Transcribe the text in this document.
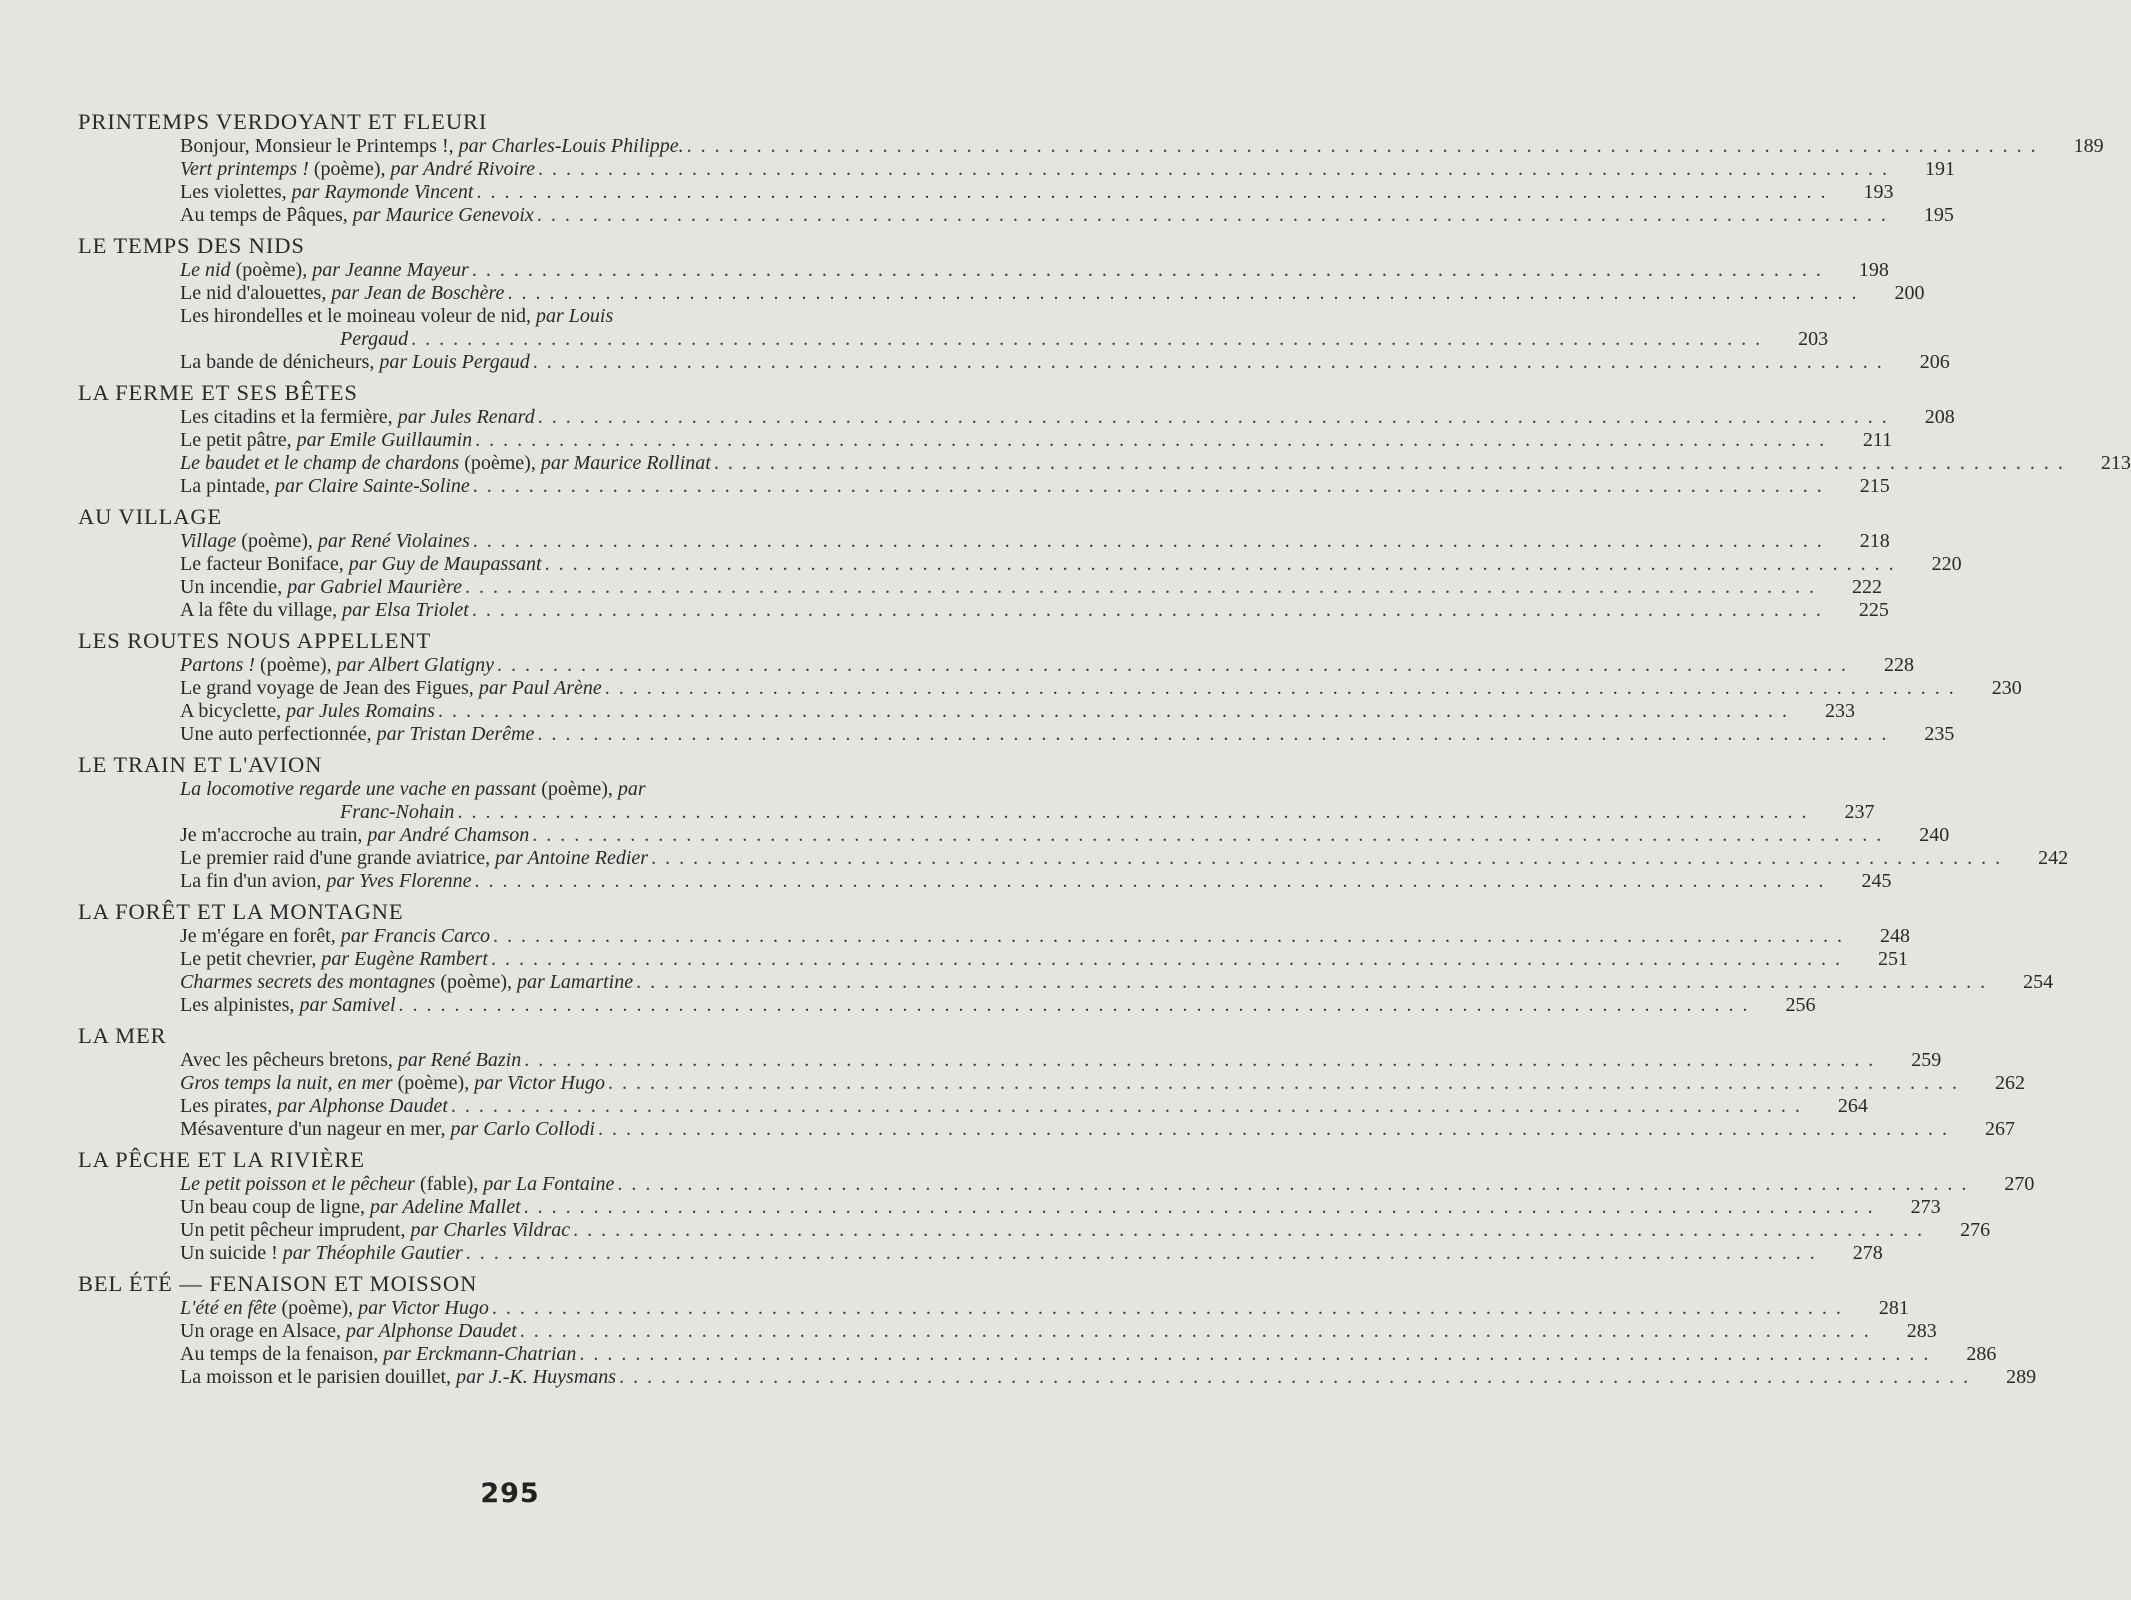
PRINTEMPS VERDOYANT ET FLEURI
Bonjour, Monsieur le Printemps !, par Charles-Louis Philippe. . . .	189
Vert printemps ! (poème), par André Rivoire . . .	191
Les violettes, par Raymonde Vincent . . .	193
Au temps de Pâques, par Maurice Genevoix . . .	195
LE TEMPS DES NIDS
Le nid (poème), par Jeanne Mayeur . . .	198
Le nid d'alouettes, par Jean de Boschère . . .	200
Les hirondelles et le moineau voleur de nid, par Louis
Pergaud . . .	203
La bande de dénicheurs, par Louis Pergaud . . .	206
LA FERME ET SES BÊTES
Les citadins et la fermière, par Jules Renard . . .	208
Le petit pâtre, par Emile Guillaumin . . .	211
Le baudet et le champ de chardons (poème), par Maurice Rollinat . . .	213
La pintade, par Claire Sainte-Soline . . .	215
AU VILLAGE
Village (poème), par René Violaines . . .	218
Le facteur Boniface, par Guy de Maupassant . . .	220
Un incendie, par Gabriel Maurière . . .	222
A la fête du village, par Elsa Triolet . . .	225
LES ROUTES NOUS APPELLENT
Partons ! (poème), par Albert Glatigny . . .	228
Le grand voyage de Jean des Figues, par Paul Arène . . .	230
A bicyclette, par Jules Romains . . .	233
Une auto perfectionnée, par Tristan Derême . . .	235
LE TRAIN ET L'AVION
La locomotive regarde une vache en passant (poème), par
Franc-Nohain . . .	237
Je m'accroche au train, par André Chamson . . .	240
Le premier raid d'une grande aviatrice, par Antoine Redier . . .	242
La fin d'un avion, par Yves Florenne . . .	245
LA FORÊT ET LA MONTAGNE
Je m'égare en forêt, par Francis Carco . . .	248
Le petit chevrier, par Eugène Rambert . . .	251
Charmes secrets des montagnes (poème), par Lamartine . . .	254
Les alpinistes, par Samivel . . .	256
LA MER
Avec les pêcheurs bretons, par René Bazin . . .	259
Gros temps la nuit, en mer (poème), par Victor Hugo . . .	262
Les pirates, par Alphonse Daudet . . .	264
Mésaventure d'un nageur en mer, par Carlo Collodi . . .	267
LA PÊCHE ET LA RIVIÈRE
Le petit poisson et le pêcheur (fable), par La Fontaine . . .	270
Un beau coup de ligne, par Adeline Mallet . . .	273
Un petit pêcheur imprudent, par Charles Vildrac . . .	276
Un suicide ! par Théophile Gautier . . .	278
BEL ÉTÉ — FENAISON ET MOISSON
L'été en fête (poème), par Victor Hugo . . .	281
Un orage en Alsace, par Alphonse Daudet . . .	283
Au temps de la fenaison, par Erckmann-Chatrian . . .	286
La moisson et le parisien douillet, par J.-K. Huysmans . . .	289
295
